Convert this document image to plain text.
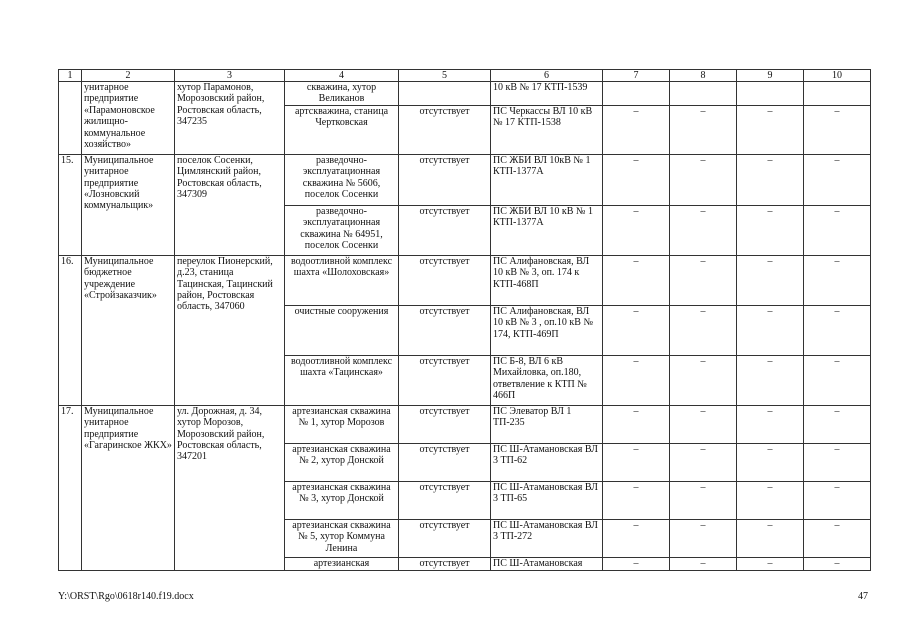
1	2	3	4	5	6	7	8	9	10
	унитарное предприятие «Парамоновское жилищно-коммунальное хозяйство»	хутор Парамонов, Морозовский район, Ростовская область, 347235	скважина, хутор Великанов		10 кВ № 17 КТП-1539				
			артскважина, станица Чертковская	отсутствует	ПС Черкассы ВЛ 10 кВ № 17 КТП-1538	–	–	–	–
15.	Муниципальное унитарное предприятие «Лозновский коммунальщик»	поселок Сосенки, Цимлянский район, Ростовская область, 347309	разведочно-эксплуатационная скважина № 5606, поселок Сосенки	отсутствует	ПС ЖБИ ВЛ 10кВ № 1 КТП-1377А	–	–	–	–
			разведочно-эксплуатационная скважина № 64951, поселок Сосенки	отсутствует	ПС ЖБИ ВЛ 10 кВ № 1 КТП-1377А	–	–	–	–
16.	Муниципальное бюджетное учреждение «Стройзаказчик»	переулок Пионерский, д.23, станица Тацинская, Тацинский район, Ростовская область, 347060	водоотливной комплекс шахта «Шолоховская»	отсутствует	ПС Алифановская, ВЛ 10 кВ № 3, оп. 174 к КТП-468П	–	–	–	–
			очистные сооружения	отсутствует	ПС Алифановская, ВЛ 10 кВ № 3 , оп.10 кВ № 174, КТП-469П	–	–	–	–
			водоотливной комплекс шахта «Тацинская»	отсутствует	ПС Б-8, ВЛ 6 кВ Михайловка, оп.180, ответвление к КТП № 466П	–	–	–	–
17.	Муниципальное унитарное предприятие «Гагаринское ЖКХ»	ул. Дорожная, д. 34, хутор Морозов, Морозовский район, Ростовская область, 347201	артезианская скважина № 1, хутор Морозов	отсутствует	ПС Элеватор ВЛ 1 ТП-235	–	–	–	–
			артезианская скважина № 2, хутор Донской	отсутствует	ПС Ш-Атамановская ВЛ 3 ТП-62	–	–	–	–
			артезианская скважина № 3, хутор Донской	отсутствует	ПС Ш-Атамановская ВЛ 3 ТП-65	–	–	–	–
			артезианская скважина № 5, хутор Коммуна Ленина	отсутствует	ПС Ш-Атамановская ВЛ 3 ТП-272	–	–	–	–
			артезианская	отсутствует	ПС Ш-Атамановская	–	–	–	–
Y:\ORST\Rgo\0618r140.f19.docx	47
